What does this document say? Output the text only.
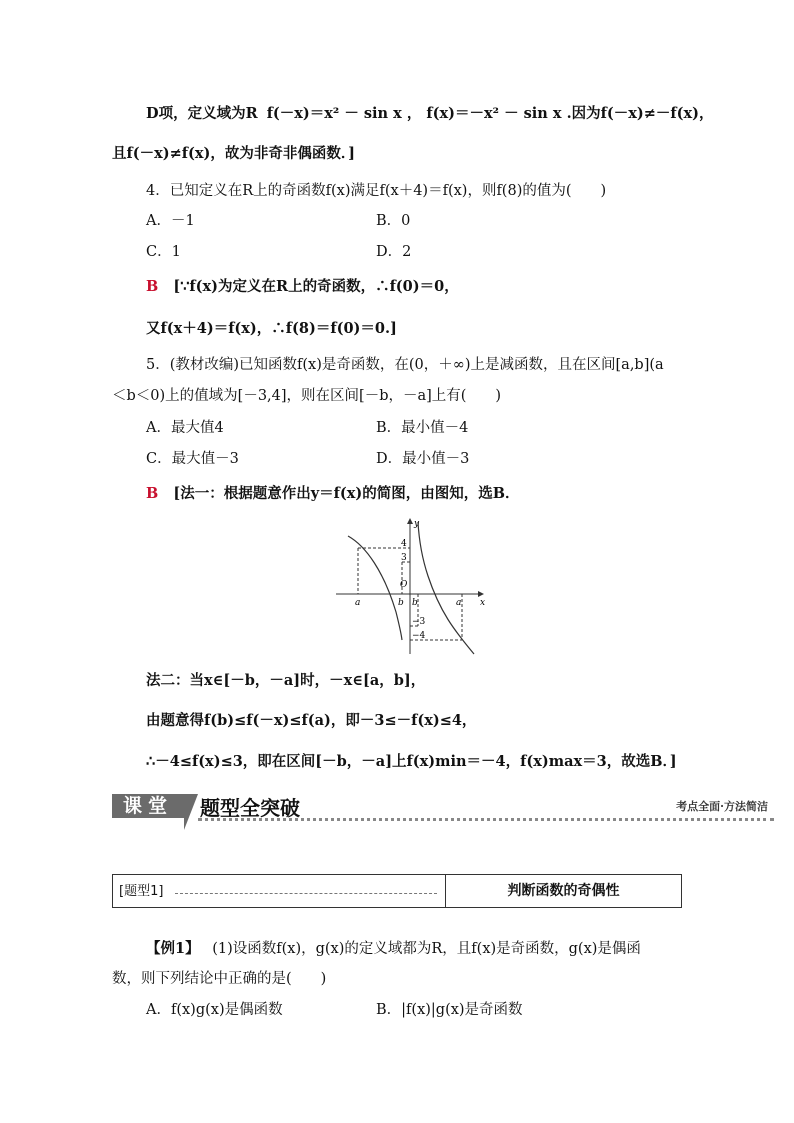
D项，定义域为R f(－x)＝x² － sin x ， f(x)＝－x² － sin x .因为f(－x)≠－f(x)，
且f(－x)≠f(x)，故为非奇非偶函数．]
4．已知定义在R上的奇函数f(x)满足f(x＋4)＝f(x)，则f(8)的值为(　　)
A．－1	B．0
C．1	D．2
B [∵f(x)为定义在R上的奇函数，∴f(0)＝0，
又f(x＋4)＝f(x)，∴f(8)＝f(0)＝0.]
5．(教材改编)已知函数f(x)是奇函数，在(0，＋∞)上是减函数，且在区间[a,b](a
＜b＜0)上的值域为[－3,4]，则在区间[－b，－a]上有(　　)
A．最大值4	B．最小值－4
C．最大值－3	D．最小值－3
B [法一：根据题意作出y＝f(x)的简图，由图知，选B．
y
x
O
4
3
−3
−4
a	b b	a
法二：当x∈[－b，－a]时，－x∈[a，b]，
由题意得f(b)≤f(－x)≤f(a)，即－3≤－f(x)≤4，
∴－4≤f(x)≤3，即在区间[－b，－a]上f(x)min＝－4，f(x)max＝3，故选B．]
课堂
KETANG
题型全突破	考点全面·方法简洁
[题型1]	判断函数的奇偶性
【例1】 (1)设函数f(x)，g(x)的定义域都为R，且f(x)是奇函数，g(x)是偶函
数，则下列结论中正确的是(　　)
A．f(x)g(x)是偶函数	B．|f(x)|g(x)是奇函数
